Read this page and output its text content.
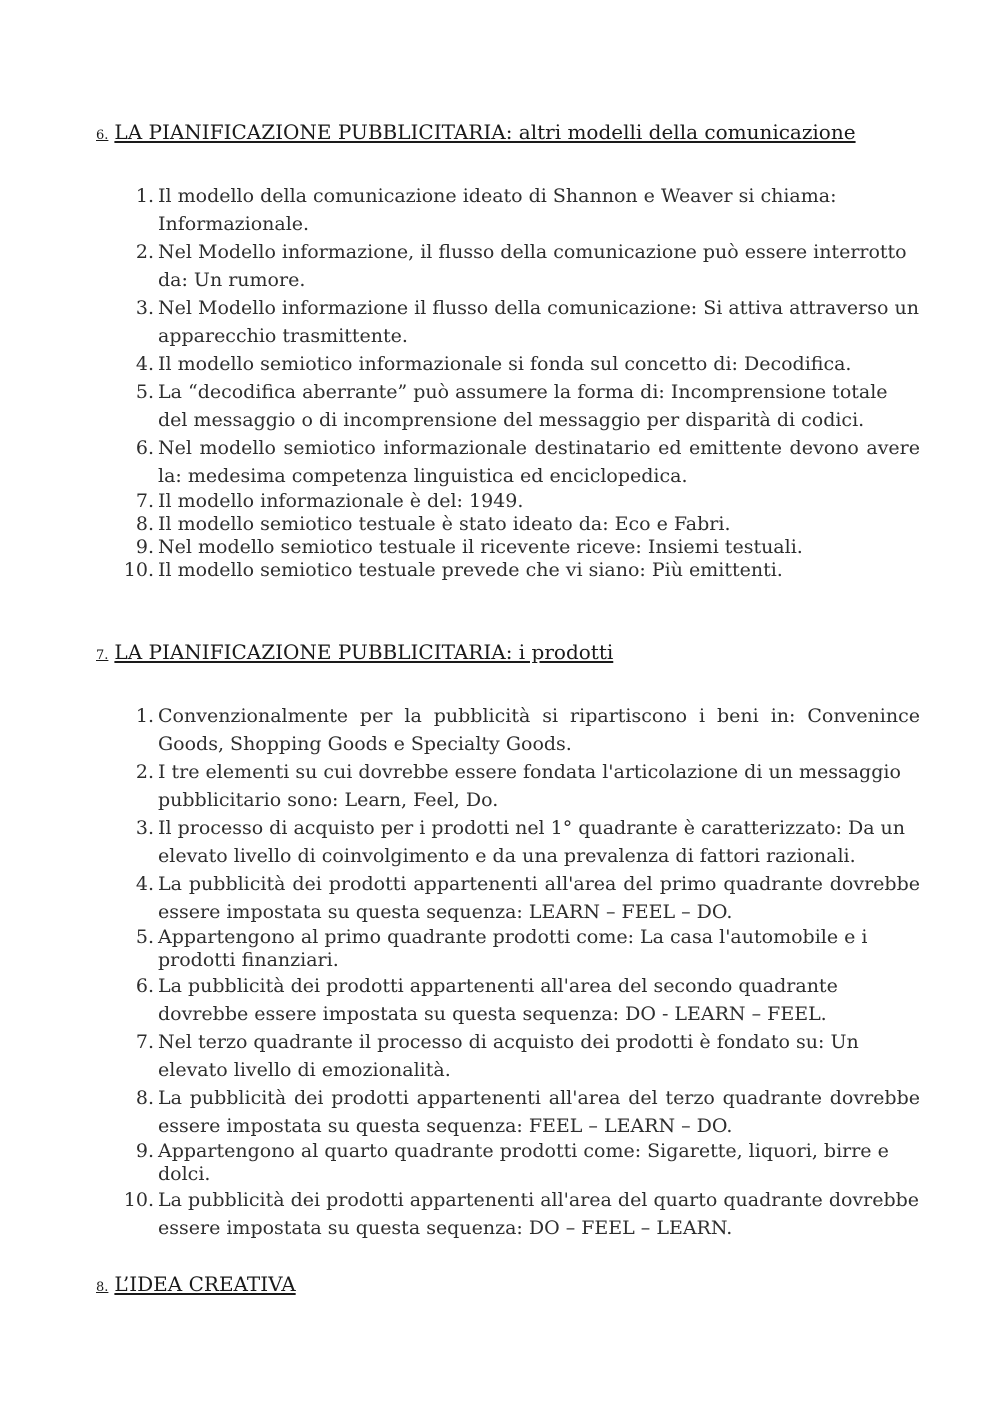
6. LA PIANIFICAZIONE PUBBLICITARIA: altri modelli della comunicazione
1. Il modello della comunicazione ideato di Shannon e Weaver si chiama: Informazionale.
2. Nel Modello informazione, il flusso della comunicazione può essere interrotto da: Un rumore.
3. Nel Modello informazione il flusso della comunicazione: Si attiva attraverso un apparecchio trasmittente.
4. Il modello semiotico informazionale si fonda sul concetto di: Decodifica.
5. La “decodifica aberrante” può assumere la forma di: Incomprensione totale del messaggio o di incomprensione del messaggio per disparità di codici.
6. Nel modello semiotico informazionale destinatario ed emittente devono avere la: medesima competenza linguistica ed enciclopedica.
7. Il modello informazionale è del: 1949.
8. Il modello semiotico testuale è stato ideato da: Eco e Fabri.
9. Nel modello semiotico testuale il ricevente riceve: Insiemi testuali.
10. Il modello semiotico testuale prevede che vi siano: Più emittenti.
7. LA PIANIFICAZIONE PUBBLICITARIA: i prodotti
1. Convenzionalmente per la pubblicità si ripartiscono i beni in: Convenince Goods, Shopping Goods e Specialty Goods.
2. I tre elementi su cui dovrebbe essere fondata l'articolazione di un messaggio pubblicitario sono: Learn, Feel, Do.
3. Il processo di acquisto per i prodotti nel 1° quadrante è caratterizzato: Da un elevato livello di coinvolgimento e da una prevalenza di fattori razionali.
4. La pubblicità dei prodotti appartenenti all'area del primo quadrante dovrebbe essere impostata su questa sequenza: LEARN – FEEL – DO.
5. Appartengono al primo quadrante prodotti come: La casa l'automobile e i prodotti finanziari.
6. La pubblicità dei prodotti appartenenti all'area del secondo quadrante dovrebbe essere impostata su questa sequenza: DO - LEARN – FEEL.
7. Nel terzo quadrante il processo di acquisto dei prodotti è fondato su: Un elevato livello di emozionalità.
8. La pubblicità dei prodotti appartenenti all'area del terzo quadrante dovrebbe essere impostata su questa sequenza: FEEL – LEARN – DO.
9. Appartengono al quarto quadrante prodotti come: Sigarette, liquori, birre e dolci.
10. La pubblicità dei prodotti appartenenti all'area del quarto quadrante dovrebbe essere impostata su questa sequenza: DO – FEEL – LEARN.
8. L’IDEA CREATIVA
